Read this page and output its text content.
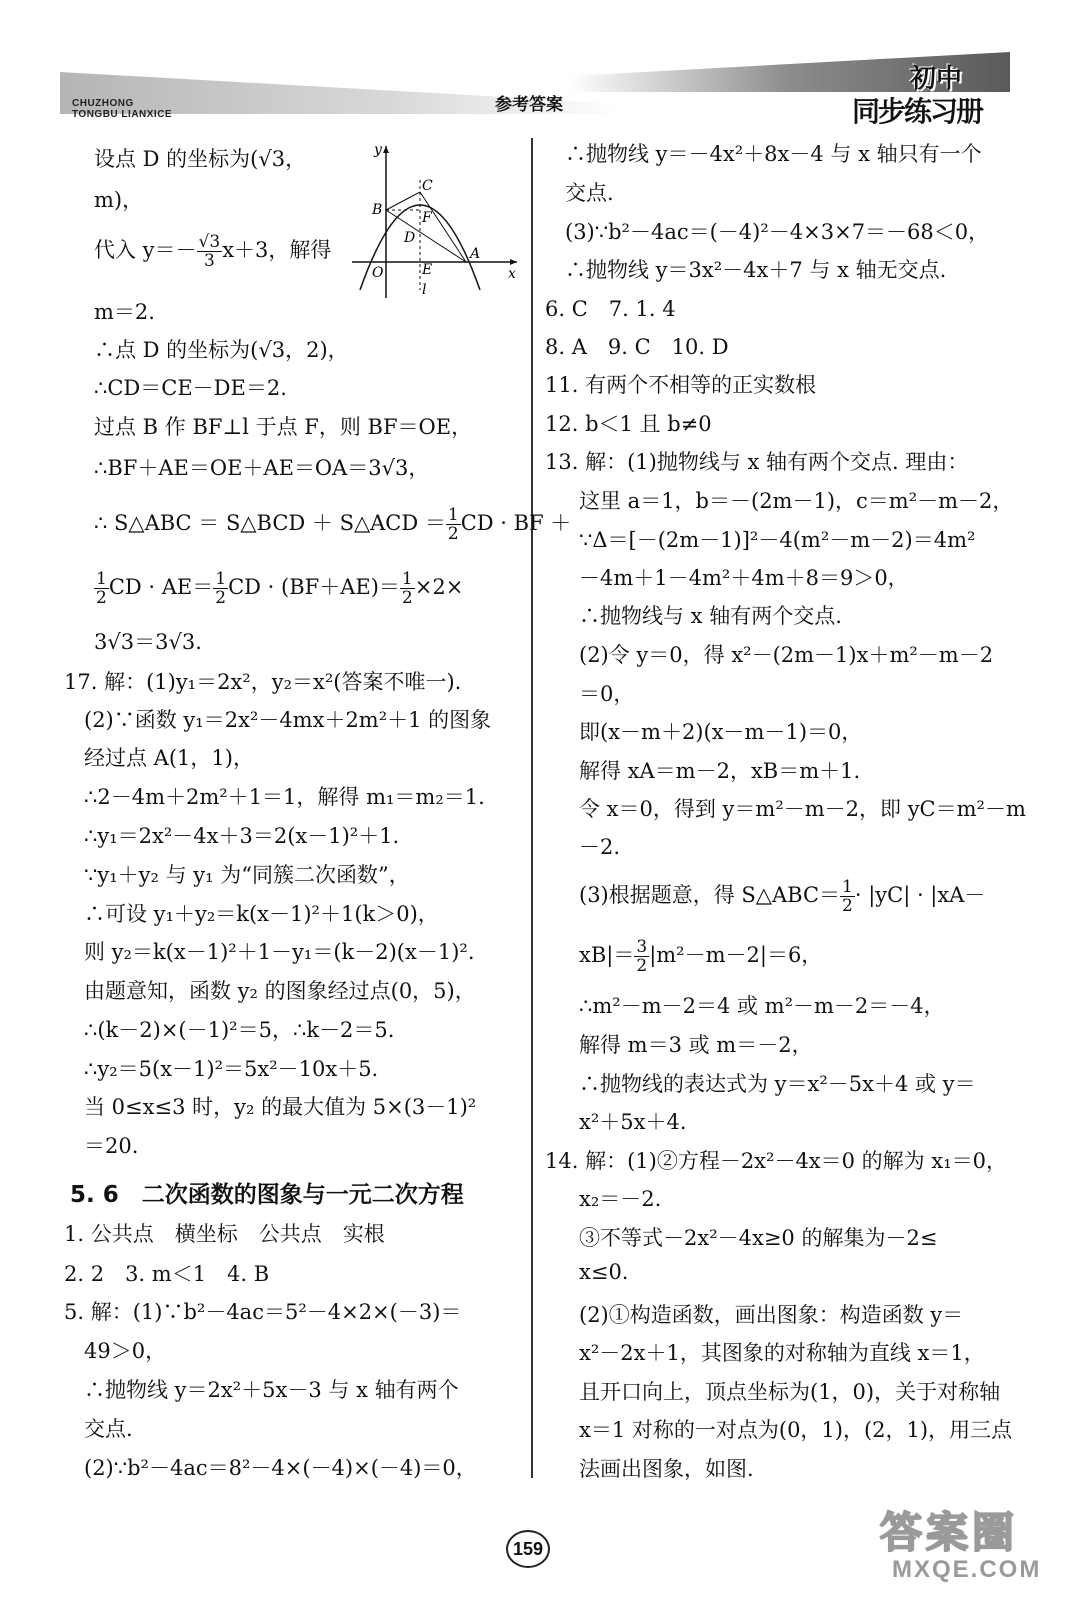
CHUZHONG
TONGBU LIANXICE	参考答案
初中
同步练习册
设点 D 的坐标为(√3，
m)，
代入 $y=- \frac{√3}{3} x+3$，解得
m＝2.
∴点 D 的坐标为(√3，2)，
∴CD＝CE－DE＝2.
过点 B 作 BF⊥l 于点 F，则 BF＝OE，
∴BF＋AE＝OE＋AE＝OA＝3√3，
∴ S△ABC ＝ S△BCD ＋ S△ACD ＝ $\frac{1}{2}$ CD · BF ＋
$\frac{1}{2}$ CD · $AE= \frac{1}{2}$ CD · $(BF+AE)= \frac{1}{2} \times 2\times$
3√3＝3√3.
17. 解：(1)y₁＝2x²，y₂＝x²(答案不唯一).
(2)∵函数 y₁＝2x²－4mx＋2m²＋1 的图象
经过点 A(1，1)，
∴2－4m＋2m²＋1＝1，解得 m₁＝m₂＝1.
∴y₁＝2x²－4x＋3＝2(x－1)²＋1.
∵y₁＋y₂ 与 y₁ 为“同簇二次函数”，
∴可设 y₁＋y₂＝k(x－1)²＋1(k＞0)，
则 y₂＝k(x－1)²＋1－y₁＝(k－2)(x－1)².
由题意知，函数 y₂ 的图象经过点(0，5)，
∴(k－2)×(－1)²＝5，∴k－2＝5.
∴y₂＝5(x－1)²＝5x²－10x＋5.
当 0≤x≤3 时，y₂ 的最大值为 5×(3－1)²
＝20.
5. 6　二次函数的图象与一元二次方程
1. 公共点　横坐标　公共点　实根
2. 2　3. m＜1　4. B
5. 解：(1)∵b²－4ac＝5²－4×2×(－3)＝
49＞0，
∴抛物线 y＝2x²＋5x－3 与 x 轴有两个
交点.
(2)∵b²－4ac＝8²－4×(－4)×(－4)＝0，
y
x
O
A
B
C
D
E
F
l
∴抛物线 y＝－4x²＋8x－4 与 x 轴只有一个
交点.
(3)∵b²－4ac＝(－4)²－4×3×7＝－68＜0，
∴抛物线 y＝3x²－4x＋7 与 x 轴无交点.
6. C　7. 1. 4
8. A　9. C　10. D
11. 有两个不相等的正实数根
12. b＜1 且 b≠0
13. 解：(1)抛物线与 x 轴有两个交点. 理由：
这里 a＝1，b＝－(2m－1)，c＝m²－m－2，
∵Δ＝[－(2m－1)]²－4(m²－m－2)＝4m²
－4m＋1－4m²＋4m＋8＝9＞0，
∴抛物线与 x 轴有两个交点.
(2)令 y＝0，得 x²－(2m－1)x＋m²－m－2
＝0，
即(x－m＋2)(x－m－1)＝0，
解得 xA＝m－2，xB＝m＋1.
令 x＝0，得到 y＝m²－m－2，即 yC＝m²－m
－2.
(3)根据题意，得 S△ABC＝ $\frac{1}{2} \cdot |yC| \cdot |xA-$
$xB|= \frac{3}{2} |m^2-m-2|=6$，
∴m²－m－2＝4 或 m²－m－2＝－4，
解得 m＝3 或 m＝－2，
∴抛物线的表达式为 y＝x²－5x＋4 或 y＝
x²＋5x＋4.
14. 解：(1)②方程－2x²－4x＝0 的解为 x₁＝0，
x₂＝－2.
③不等式－2x²－4x≥0 的解集为－2≤
x≤0.
(2)①构造函数，画出图象：构造函数 y＝
x²－2x＋1，其图象的对称轴为直线 x＝1，
且开口向上，顶点坐标为(1，0)，关于对称轴
x＝1 对称的一对点为(0，1)，(2，1)，用三点
法画出图象，如图.
159	答案圈
MXQE.COM
